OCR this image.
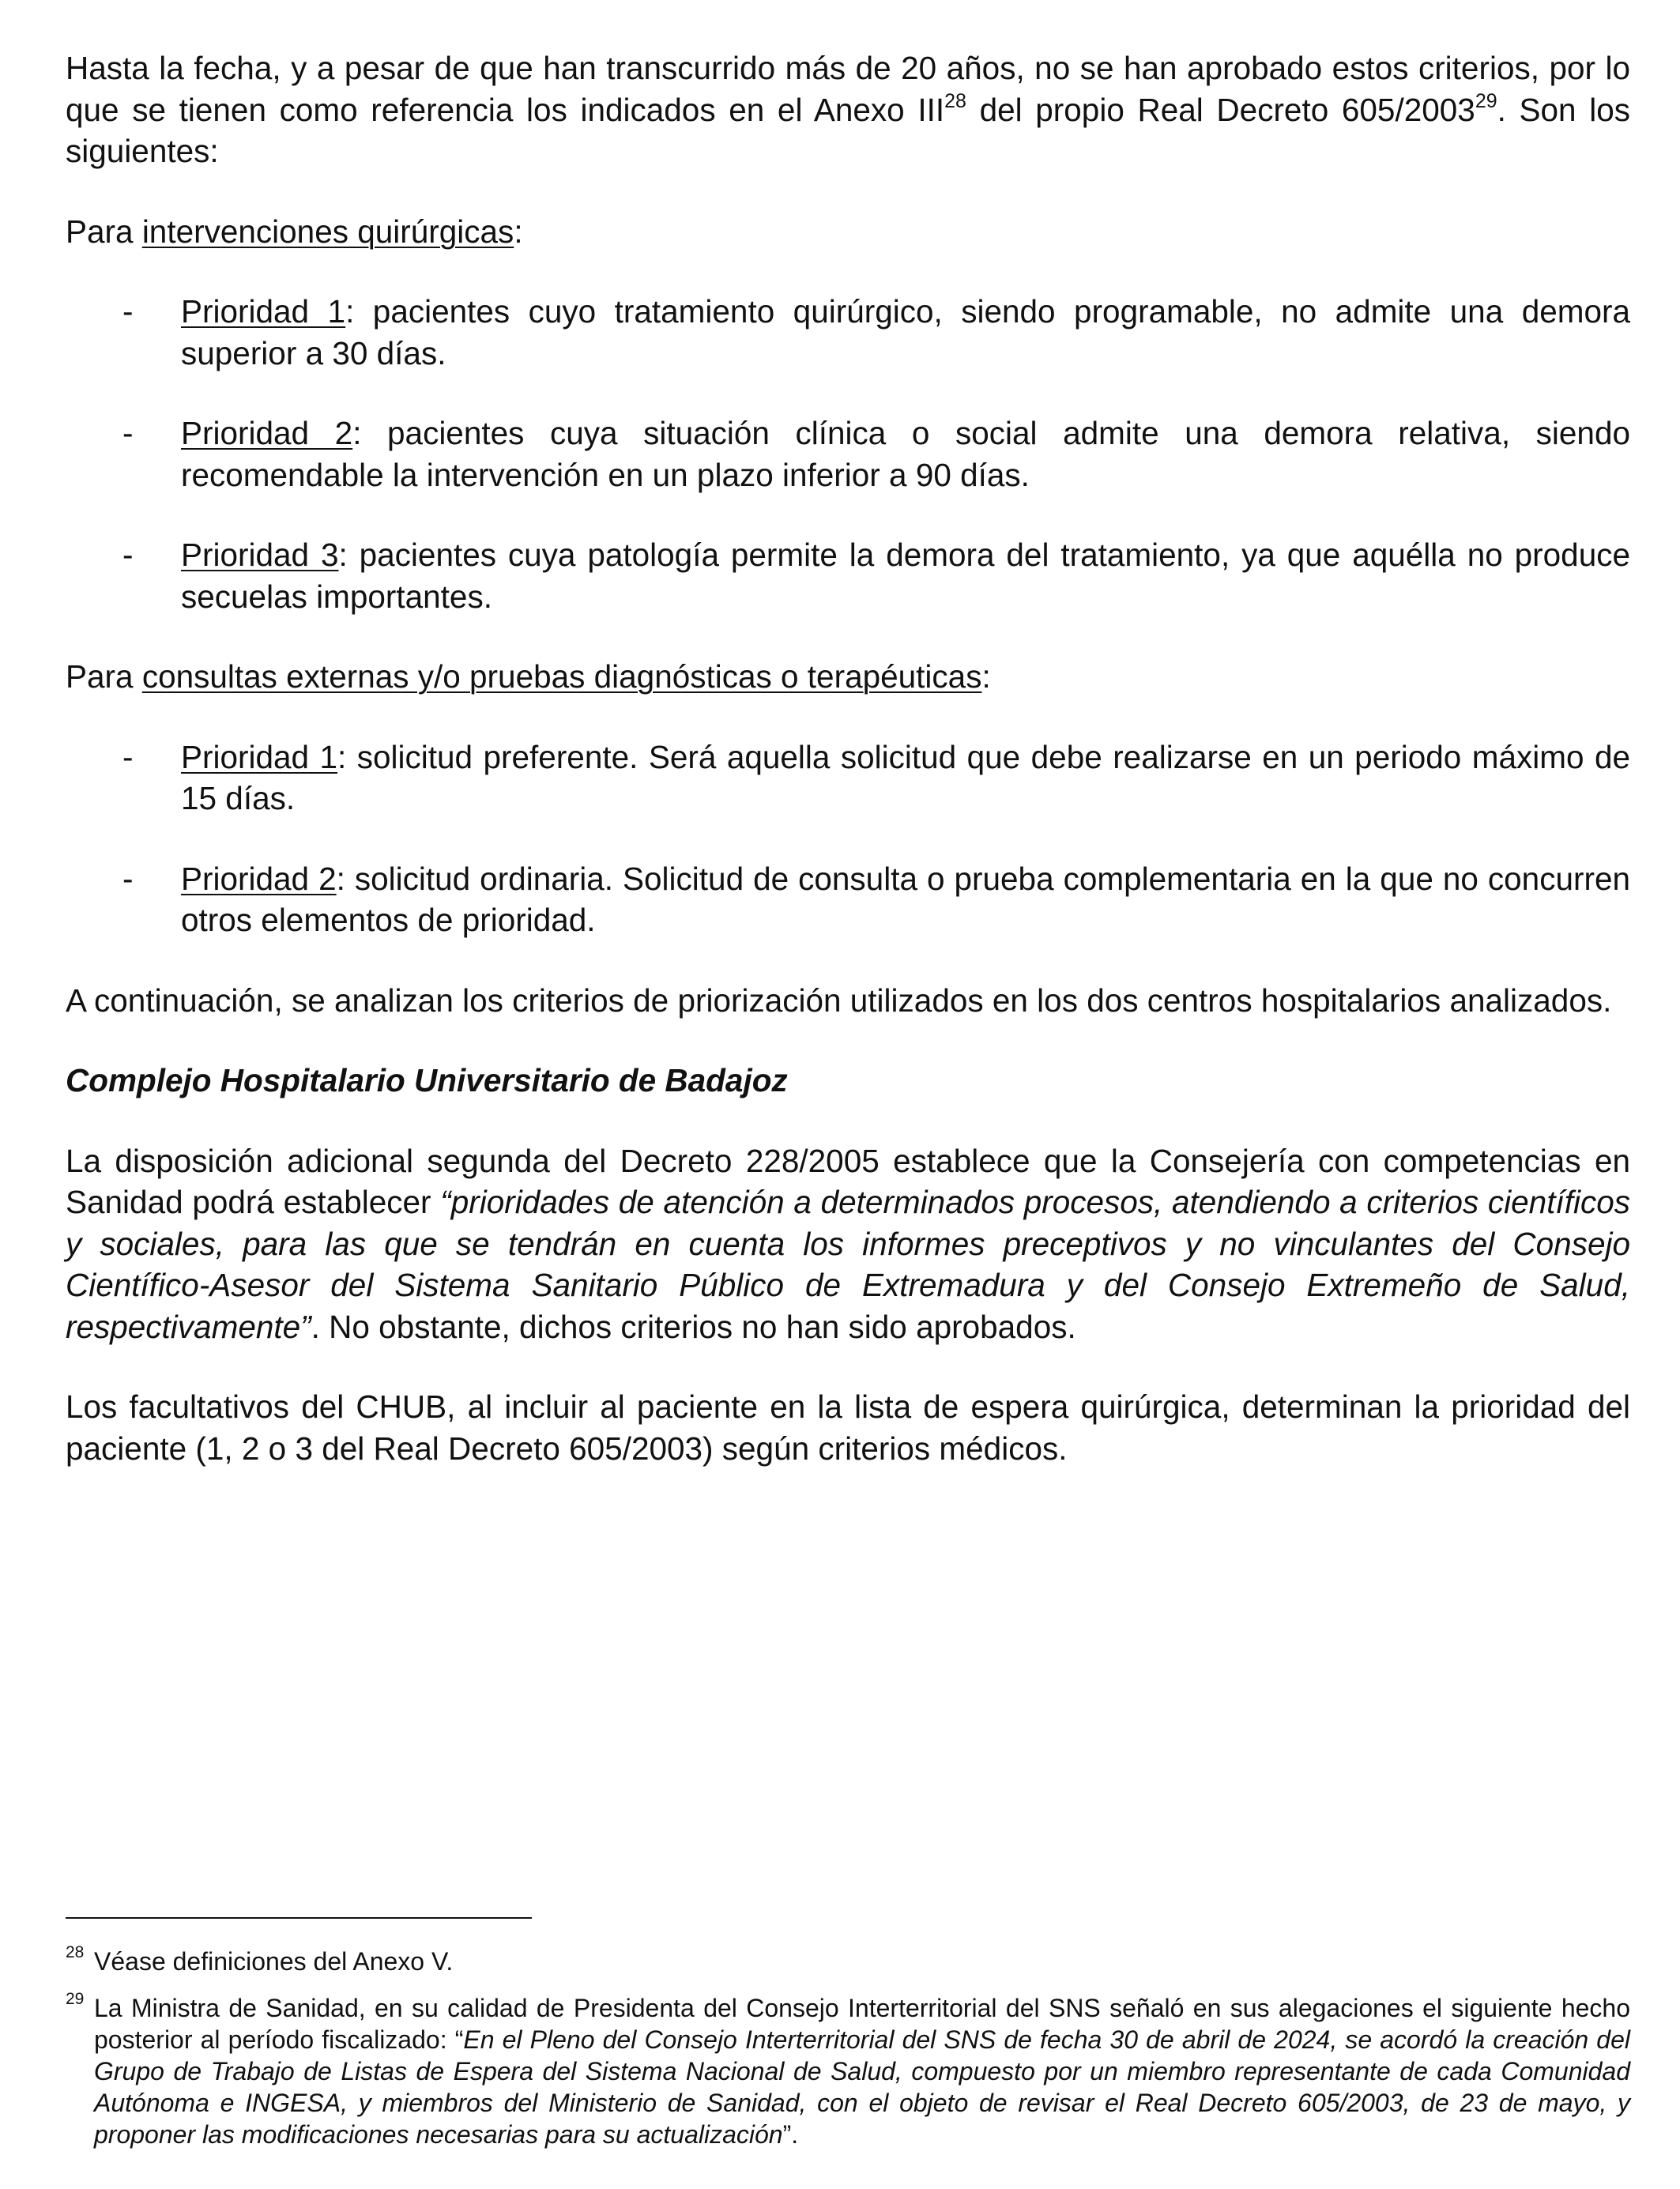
Hasta la fecha, y a pesar de que han transcurrido más de 20 años, no se han aprobado estos criterios, por lo que se tienen como referencia los indicados en el Anexo III$^{28}$ del propio Real Decreto 605/2003$^{29}$. Son los siguientes:

Para intervenciones quirúrgicas:

- Prioridad 1: pacientes cuyo tratamiento quirúrgico, siendo programable, no admite una demora superior a 30 días.
- Prioridad 2: pacientes cuya situación clínica o social admite una demora relativa, siendo recomendable la intervención en un plazo inferior a 90 días.
- Prioridad 3: pacientes cuya patología permite la demora del tratamiento, ya que aquélla no produce secuelas importantes.

Para consultas externas y/o pruebas diagnósticas o terapéuticas:

- Prioridad 1: solicitud preferente. Será aquella solicitud que debe realizarse en un periodo máximo de 15 días.
- Prioridad 2: solicitud ordinaria. Solicitud de consulta o prueba complementaria en la que no concurren otros elementos de prioridad.

A continuación, se analizan los criterios de priorización utilizados en los dos centros hospitalarios analizados.

Complejo Hospitalario Universitario de Badajoz

La disposición adicional segunda del Decreto 228/2005 establece que la Consejería con competencias en Sanidad podrá establecer “prioridades de atención a determinados procesos, atendiendo a criterios científicos y sociales, para las que se tendrán en cuenta los informes preceptivos y no vinculantes del Consejo Científico-Asesor del Sistema Sanitario Público de Extremadura y del Consejo Extremeño de Salud, respectivamente”. No obstante, dichos criterios no han sido aprobados.

Los facultativos del CHUB, al incluir al paciente en la lista de espera quirúrgica, determinan la prioridad del paciente (1, 2 o 3 del Real Decreto 605/2003) según criterios médicos.

28 Véase definiciones del Anexo V.

29 La Ministra de Sanidad, en su calidad de Presidenta del Consejo Interterritorial del SNS señaló en sus alegaciones el siguiente hecho posterior al período fiscalizado: “En el Pleno del Consejo Interterritorial del SNS de fecha 30 de abril de 2024, se acordó la creación del Grupo de Trabajo de Listas de Espera del Sistema Nacional de Salud, compuesto por un miembro representante de cada Comunidad Autónoma e INGESA, y miembros del Ministerio de Sanidad, con el objeto de revisar el Real Decreto 605/2003, de 23 de mayo, y proponer las modificaciones necesarias para su actualización”.
